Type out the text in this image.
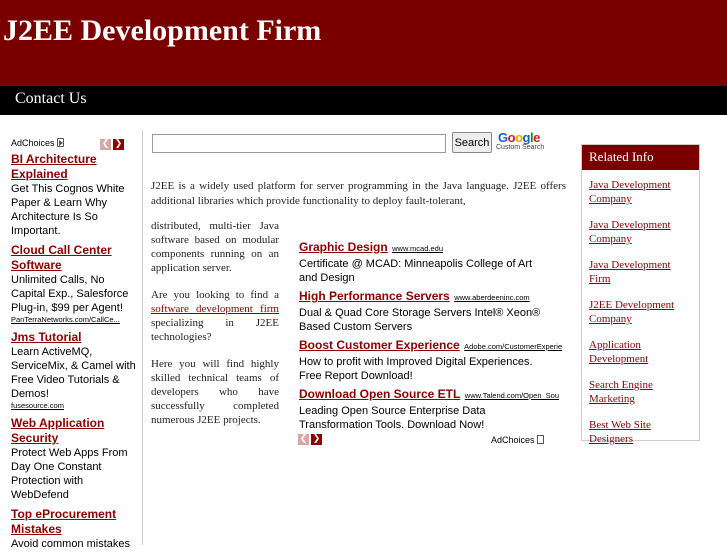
J2EE Development Firm
Contact Us
AdChoices	❮ ❯
BI Architecture Explained
Get This Cognos White Paper & Learn Why Architecture Is So Important.
Cloud Call Center Software
Unlimited Calls, No Capital Exp., Salesforce Plug-in, $99 per Agent!
PanTerraNetworks.com/CallCe...
Jms Tutorial
Learn ActiveMQ, ServiceMix, & Camel with Free Video Tutorials & Demos!
fusesource.com
Web Application Security
Protect Web Apps From Day One Constant Protection with WebDefend
Top eProcurement Mistakes
Avoid common mistakes
Search Google
Custom Search
J2EE is a widely used platform for server programming in the Java language. J2EE offers additional libraries which provide functionality to deploy fault-tolerant,

distributed, multi-tier Java software based on modular components running on an application server.

Are you looking to find a software development firm specializing in J2EE technologies?

Here you will find highly skilled technical teams of developers who have successfully completed numerous J2EE projects.

Graphic Design www.mcad.edu
Certificate @ MCAD: Minneapolis College of Art and Design
High Performance Servers www.aberdeeninc.com
Dual & Quad Core Storage Servers Intel® Xeon® Based Custom Servers
Boost Customer Experience Adobe.com/CustomerExperie
How to profit with Improved Digital Experiences. Free Report Download!
Download Open Source ETL www.Talend.com/Open_Sou
Leading Open Source Enterprise Data Transformation Tools. Download Now!
❮ ❯	AdChoices
Related Info
Java Development Company
Java Development Company
Java Development Firm
J2EE Development Company
Application Development
Search Engine Marketing
Best Web Site Designers
